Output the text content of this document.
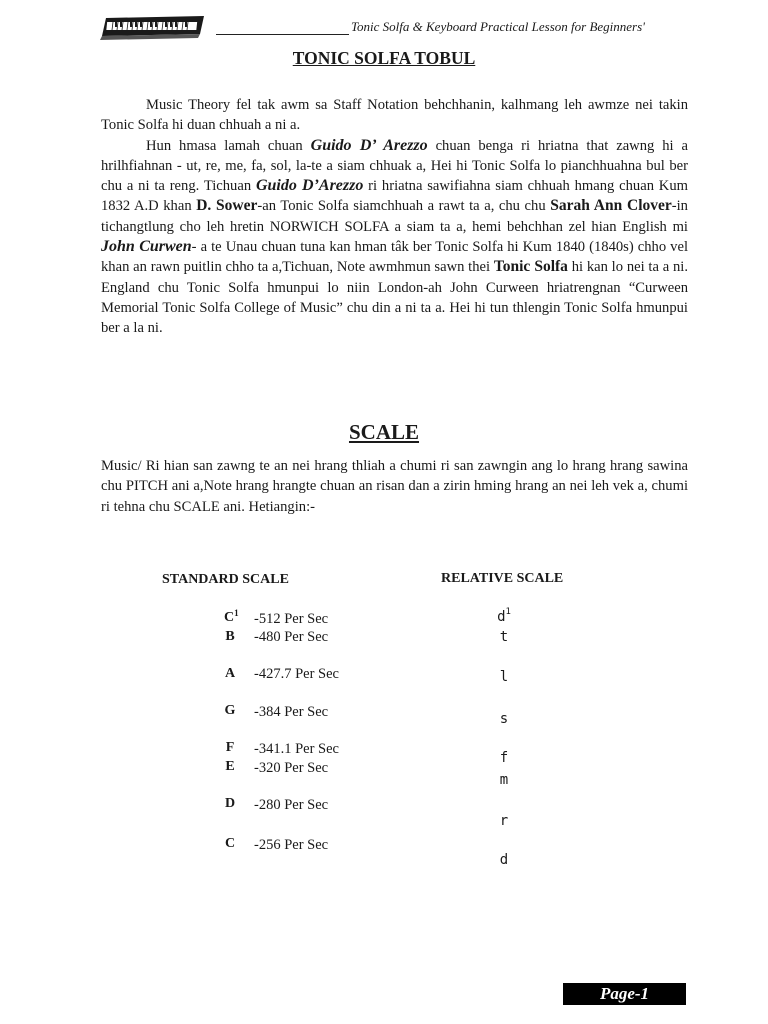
Tonic Solfa & Keyboard Practical Lesson for Beginners'
TONIC SOLFA TOBUL
Music Theory fel tak awm sa Staff Notation behchhanin, kalhmang leh awmze nei takin Tonic Solfa hi duan chhuah a ni a.
Hun hmasa lamah chuan Guido D’ Arezzo chuan benga ri hriatna that zawng hi a hrilhfiahnan - ut, re, me, fa, sol, la-te a siam chhuak a, Hei hi Tonic Solfa lo pianchhuahna bul ber chu a ni ta reng. Tichuan Guido D’Arezzo ri hriatna sawifiahna siam chhuah hmang chuan Kum 1832 A.D khan D. Sower-an Tonic Solfa siamchhuah a rawt ta a, chu chu Sarah Ann Clover-in tichangtlung cho leh hretin NORWICH SOLFA a siam ta a, hemi behchhan zel hian English mi John Curwen- a te Unau chuan tuna kan hman tâk ber Tonic Solfa hi Kum 1840 (1840s) chho vel khan an rawn puitlin chho ta a,Tichuan, Note awmhmun sawn thei Tonic Solfa hi kan lo nei ta a ni. England chu Tonic Solfa hmunpui lo niin London-ah John Curween hriatrengnan “Curween Memorial Tonic Solfa College of Music” chu din a ni ta a. Hei hi tun thlengin Tonic Solfa hmunpui ber a la ni.
SCALE
Music/ Ri hian san zawng te an nei hrang thliah a chumi ri san zawngin ang lo hrang hrang sawina chu PITCH ani a,Note hrang hrangte chuan an risan dan a zirin hming hrang an nei leh vek a, chumi ri tehna chu SCALE ani. Hetiangin:-
STANDARD SCALE	RELATIVE SCALE
$C^1$ -512 Per Sec
B -480 Per Sec
A -427.7 Per Sec
G -384 Per Sec
F -341.1 Per Sec
E -320 Per Sec
D -280 Per Sec
C -256 Per Sec
$d^1$
t
l
s
f
m
r
d
Page-1
